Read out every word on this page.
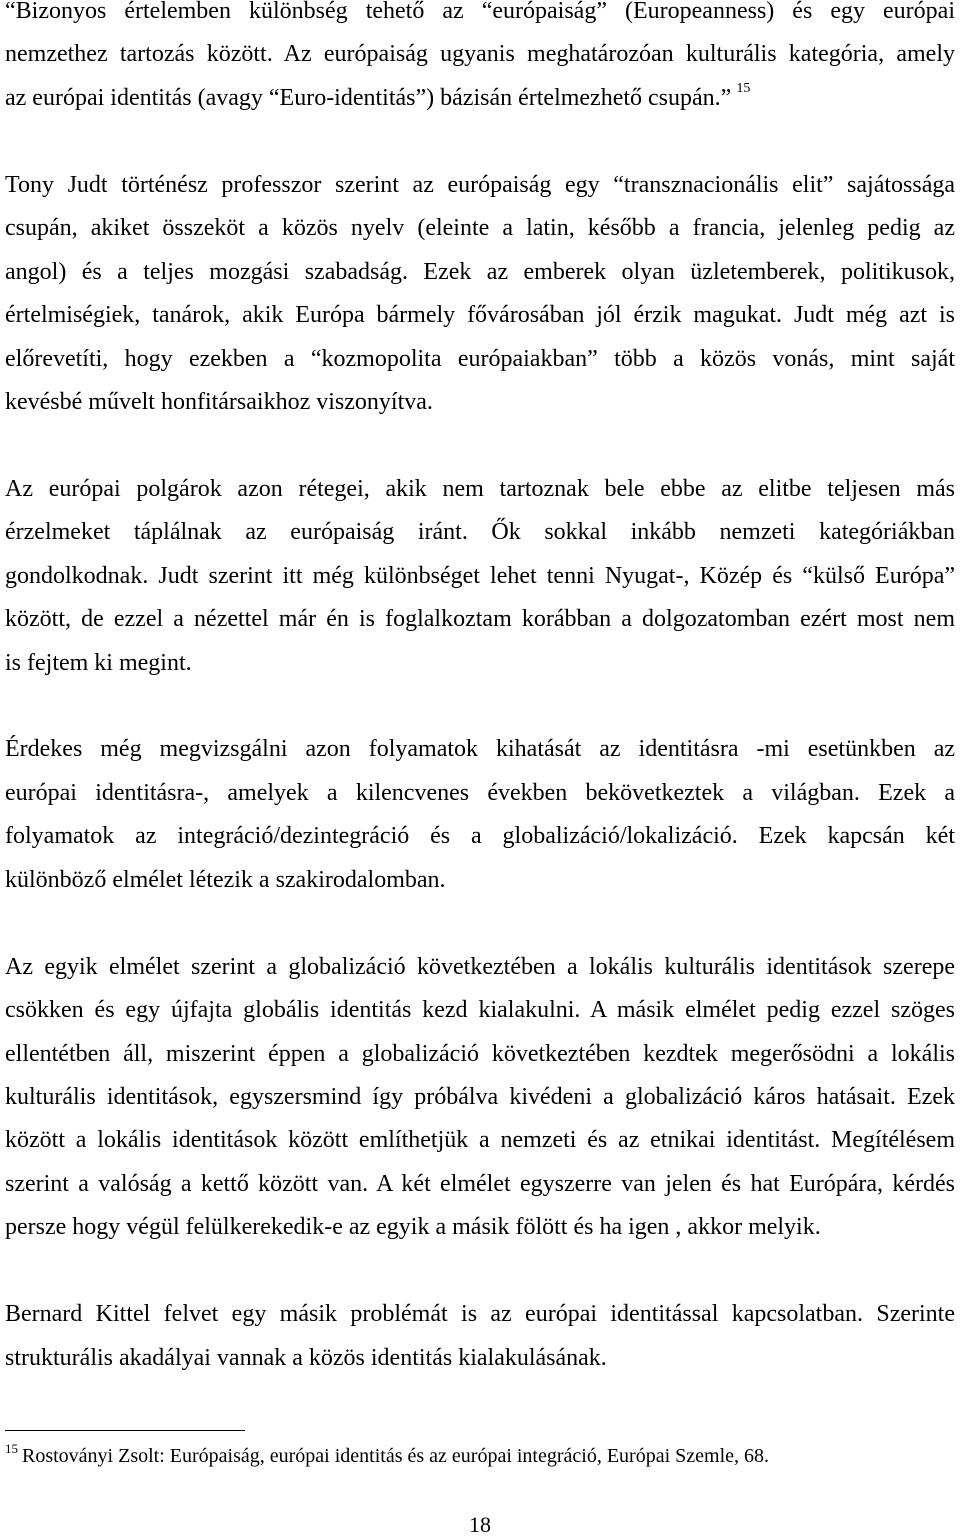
“Bizonyos értelemben különbség tehető az “európaiság” (Europeanness) és egy európai
nemzethez tartozás között. Az európaiság ugyanis meghatározóan kulturális kategória, amely
az európai identitás (avagy “Euro-identitás”) bázisán értelmezhető csupán.” 15
Tony Judt történész professzor szerint az európaiság egy “transznacionális elit” sajátossága
csupán, akiket összeköt a közös nyelv (eleinte a latin, később a francia, jelenleg pedig az
angol) és a teljes mozgási szabadság. Ezek az emberek olyan üzletemberek, politikusok,
értelmiségiek, tanárok, akik Európa bármely fővárosában jól érzik magukat. Judt még azt is
előrevetíti, hogy ezekben a “kozmopolita európaiakban” több a közös vonás, mint saját
kevésbé művelt honfitársaikhoz viszonyítva.
Az európai polgárok azon rétegei, akik nem tartoznak bele ebbe az elitbe teljesen más
érzelmeket táplálnak az európaiság iránt. Ők sokkal inkább nemzeti kategóriákban
gondolkodnak. Judt szerint itt még különbséget lehet tenni Nyugat-, Közép és “külső Európa”
között, de ezzel a nézettel már én is foglalkoztam korábban a dolgozatomban ezért most nem
is fejtem ki megint.
Érdekes még megvizsgálni azon folyamatok kihatását az identitásra -mi esetünkben az
európai identitásra-, amelyek a kilencvenes években bekövetkeztek a világban. Ezek a
folyamatok az integráció/dezintegráció és a globalizáció/lokalizáció. Ezek kapcsán két
különböző elmélet létezik a szakirodalomban.
Az egyik elmélet szerint a globalizáció következtében a lokális kulturális identitások szerepe
csökken és egy újfajta globális identitás kezd kialakulni. A másik elmélet pedig ezzel szöges
ellentétben áll, miszerint éppen a globalizáció következtében kezdtek megerősödni a lokális
kulturális identitások, egyszersmind így próbálva kivédeni a globalizáció káros hatásait. Ezek
között a lokális identitások között említhetjük a nemzeti és az etnikai identitást. Megítélésem
szerint a valóság a kettő között van. A két elmélet egyszerre van jelen és hat Európára, kérdés
persze hogy végül felülkerekedik-e az egyik a másik fölött és ha igen , akkor melyik.
Bernard Kittel felvet egy másik problémát is az európai identitással kapcsolatban. Szerinte
strukturális akadályai vannak a közös identitás kialakulásának.
15 Rostoványi Zsolt: Európaiság, európai identitás és az európai integráció, Európai Szemle, 68.
18
